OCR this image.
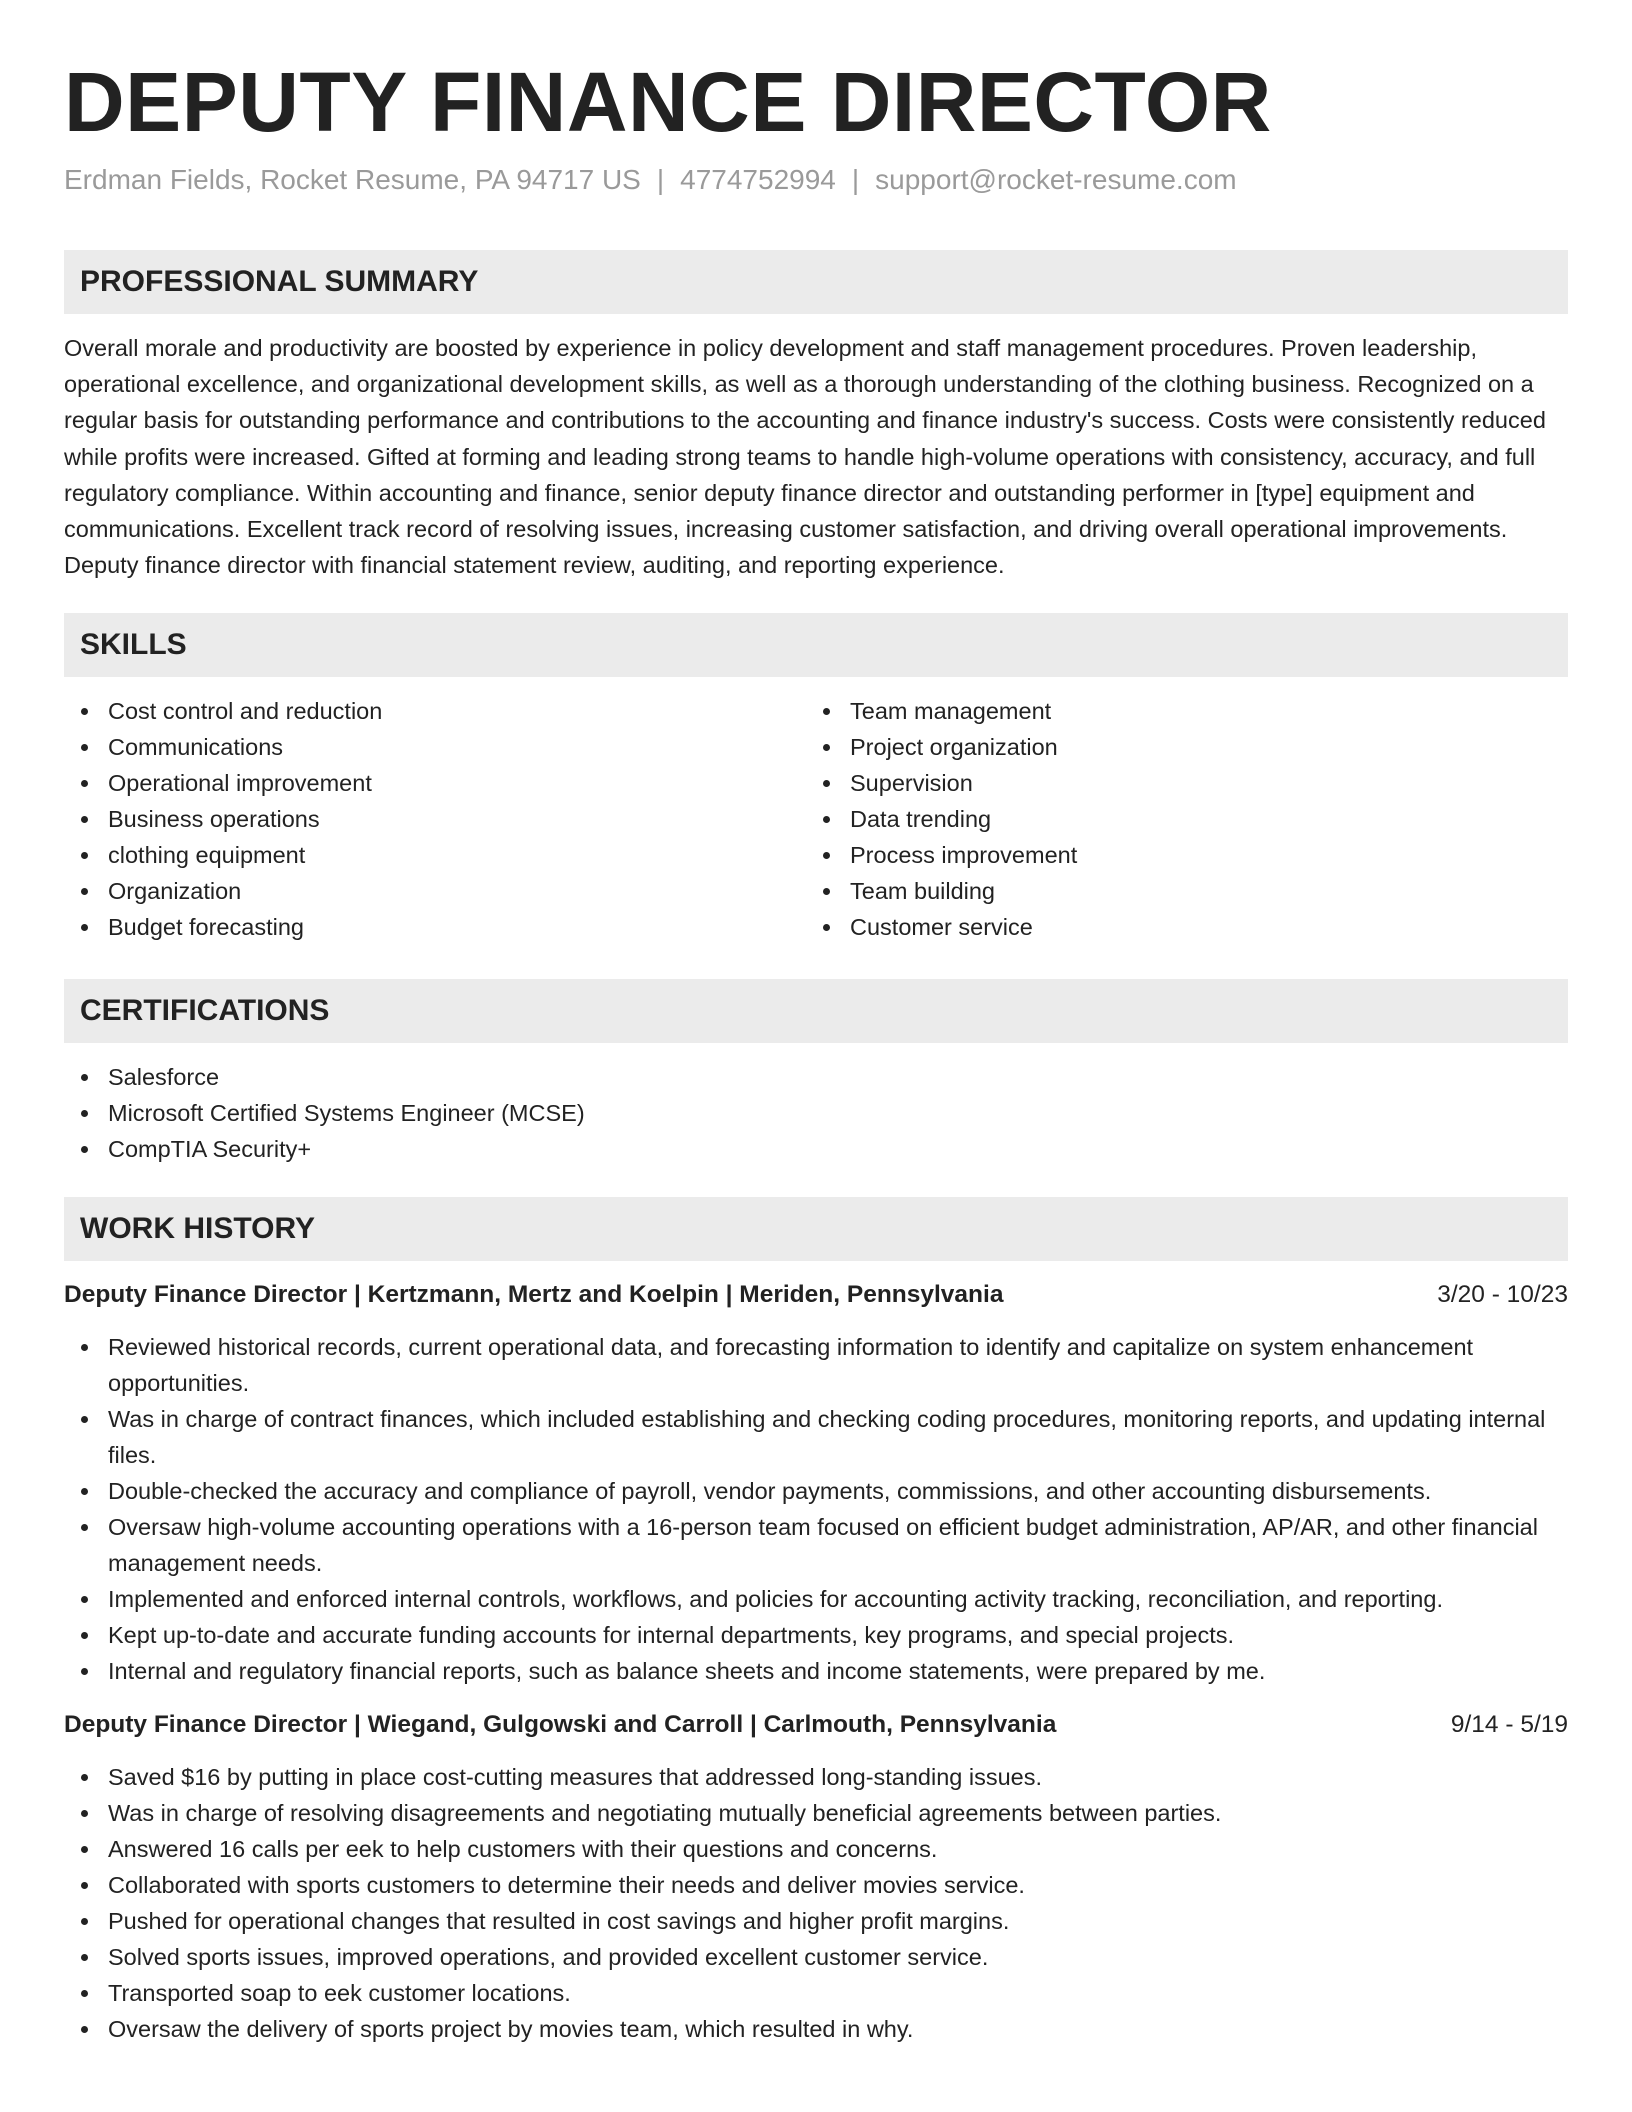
DEPUTY FINANCE DIRECTOR
Erdman Fields, Rocket Resume, PA 94717 US | 4774752994 | support@rocket-resume.com
PROFESSIONAL SUMMARY

Overall morale and productivity are boosted by experience in policy development and staff management procedures. Proven leadership, operational excellence, and organizational development skills, as well as a thorough understanding of the clothing business. Recognized on a regular basis for outstanding performance and contributions to the accounting and finance industry's success. Costs were consistently reduced while profits were increased. Gifted at forming and leading strong teams to handle high-volume operations with consistency, accuracy, and full regulatory compliance. Within accounting and finance, senior deputy finance director and outstanding performer in [type] equipment and communications. Excellent track record of resolving issues, increasing customer satisfaction, and driving overall operational improvements. Deputy finance director with financial statement review, auditing, and reporting experience.

SKILLS
Cost control and reduction
Communications
Operational improvement
Business operations
clothing equipment
Organization
Budget forecasting
Team management
Project organization
Supervision
Data trending
Process improvement
Team building
Customer service
CERTIFICATIONS
Salesforce
Microsoft Certified Systems Engineer (MCSE)
CompTIA Security+
WORK HISTORY
Deputy Finance Director | Kertzmann, Mertz and Koelpin | Meriden, Pennsylvania	3/20 - 10/23
Reviewed historical records, current operational data, and forecasting information to identify and capitalize on system enhancement opportunities.
Was in charge of contract finances, which included establishing and checking coding procedures, monitoring reports, and updating internal files.
Double-checked the accuracy and compliance of payroll, vendor payments, commissions, and other accounting disbursements.
Oversaw high-volume accounting operations with a 16-person team focused on efficient budget administration, AP/AR, and other financial management needs.
Implemented and enforced internal controls, workflows, and policies for accounting activity tracking, reconciliation, and reporting.
Kept up-to-date and accurate funding accounts for internal departments, key programs, and special projects.
Internal and regulatory financial reports, such as balance sheets and income statements, were prepared by me.
Deputy Finance Director | Wiegand, Gulgowski and Carroll | Carlmouth, Pennsylvania	9/14 - 5/19
Saved $16 by putting in place cost-cutting measures that addressed long-standing issues.
Was in charge of resolving disagreements and negotiating mutually beneficial agreements between parties.
Answered 16 calls per eek to help customers with their questions and concerns.
Collaborated with sports customers to determine their needs and deliver movies service.
Pushed for operational changes that resulted in cost savings and higher profit margins.
Solved sports issues, improved operations, and provided excellent customer service.
Transported soap to eek customer locations.
Oversaw the delivery of sports project by movies team, which resulted in why.
